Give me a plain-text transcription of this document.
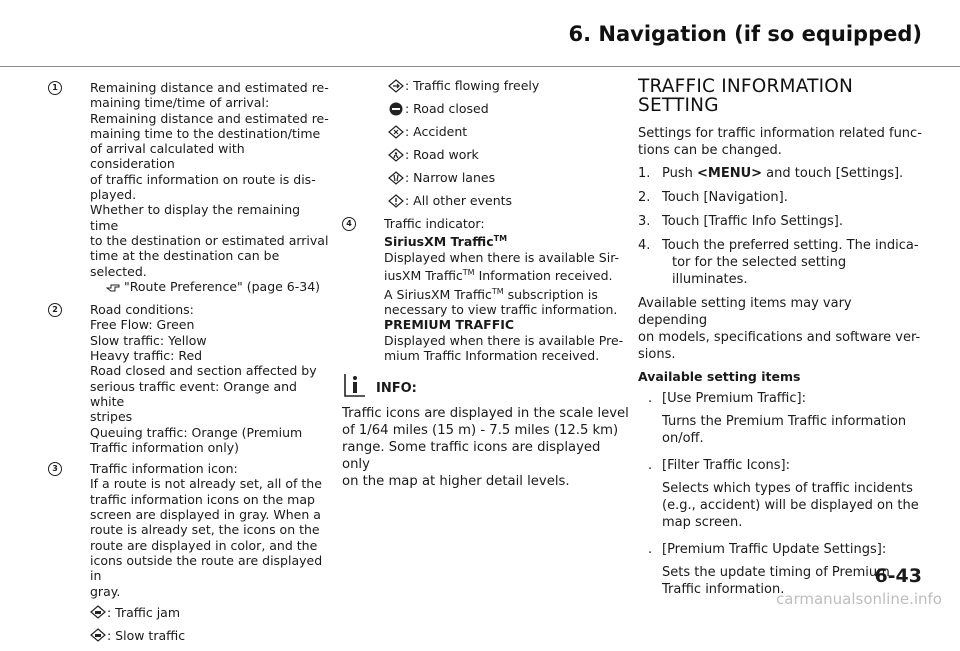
6. Navigation (if so equipped)
1	Remaining distance and estimated re-
maining time/time of arrival:
Remaining distance and estimated re-
maining time to the destination/time
of arrival calculated with consideration
of traffic information on route is dis-
played.
Whether to display the remaining time
to the destination or estimated arrival
time at the destination can be selected.
"Route Preference" (page 6-34)
2	Road conditions:
Free Flow: Green
Slow traffic: Yellow
Heavy traffic: Red
Road closed and section affected by
serious traffic event: Orange and white
stripes
Queuing traffic: Orange (Premium
Traffic information only)
3	Traffic information icon:
If a route is not already set, all of the
traffic information icons on the map
screen are displayed in gray. When a
route is already set, the icons on the
route are displayed in color, and the
icons outside the route are displayed in
gray.
: Traffic jam
: Slow traffic
: Traffic flowing freely
: Road closed
: Accident
: Road work
: Narrow lanes
: All other events
4	Traffic indicator:
SiriusXM Traffic™
Displayed when there is available Sir-
iusXM Traffic™ Information received.
A SiriusXM Traffic™ subscription is
necessary to view traffic information.
PREMIUM TRAFFIC
Displayed when there is available Pre-
mium Traffic Information received.
INFO:
Traffic icons are displayed in the scale level
of 1/64 miles (15 m) - 7.5 miles (12.5 km)
range. Some traffic icons are displayed only
on the map at higher detail levels.
TRAFFIC INFORMATION
SETTING
Settings for traffic information related func-
tions can be changed.
1. Push <MENU> and touch [Settings].
2. Touch [Navigation].
3. Touch [Traffic Info Settings].
4. Touch the preferred setting. The indica-
tor for the selected setting illuminates.
Available setting items may vary depending
on models, specifications and software ver-
sions.
Available setting items
. [Use Premium Traffic]:
Turns the Premium Traffic information
on/off.
. [Filter Traffic Icons]:
Selects which types of traffic incidents
(e.g., accident) will be displayed on the
map screen.
. [Premium Traffic Update Settings]:
Sets the update timing of Premium
Traffic information.
6-43
carmanualsonline.info
